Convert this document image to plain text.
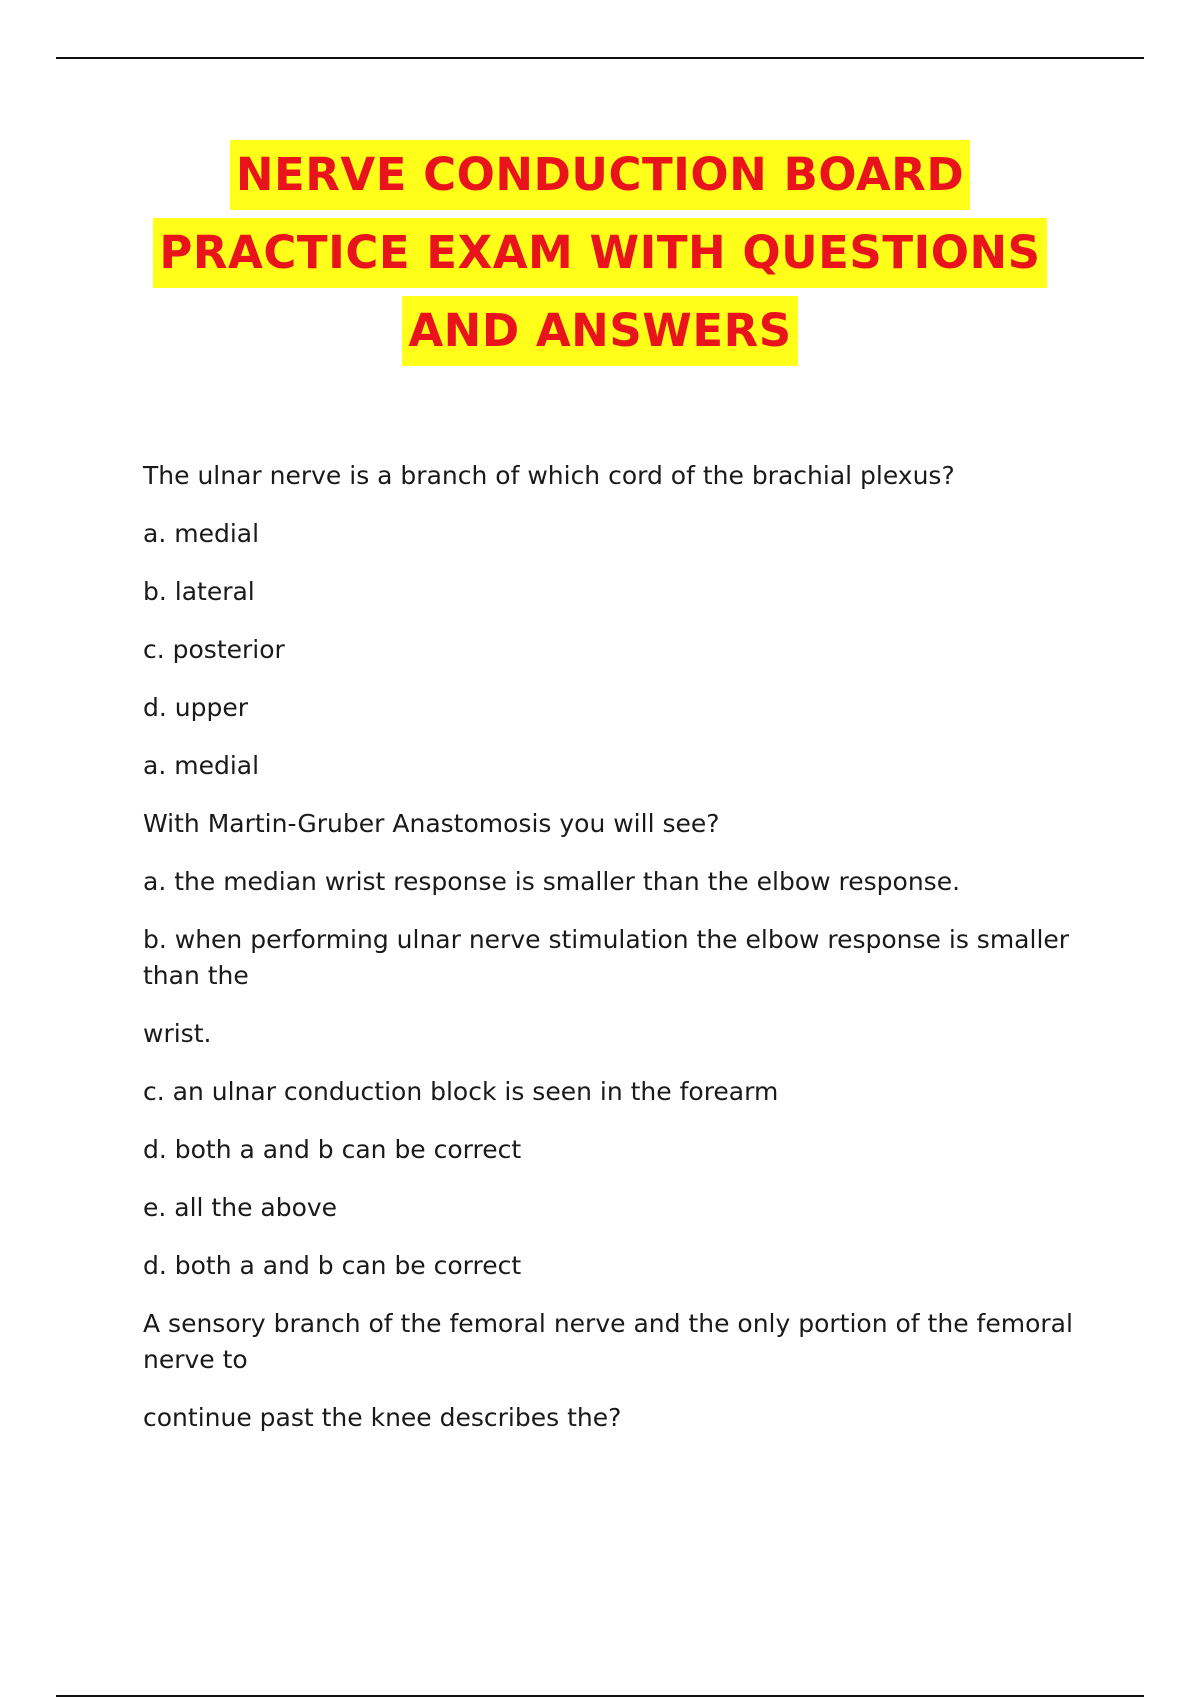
NERVE CONDUCTION BOARD
PRACTICE EXAM WITH QUESTIONS
AND ANSWERS
The ulnar nerve is a branch of which cord of the brachial plexus?
a. medial
b. lateral
c. posterior
d. upper
a. medial
With Martin-Gruber Anastomosis you will see?
a. the median wrist response is smaller than the elbow response.
b. when performing ulnar nerve stimulation the elbow response is smaller than the
wrist.
c. an ulnar conduction block is seen in the forearm
d. both a and b can be correct
e. all the above
d. both a and b can be correct
A sensory branch of the femoral nerve and the only portion of the femoral nerve to
continue past the knee describes the?
